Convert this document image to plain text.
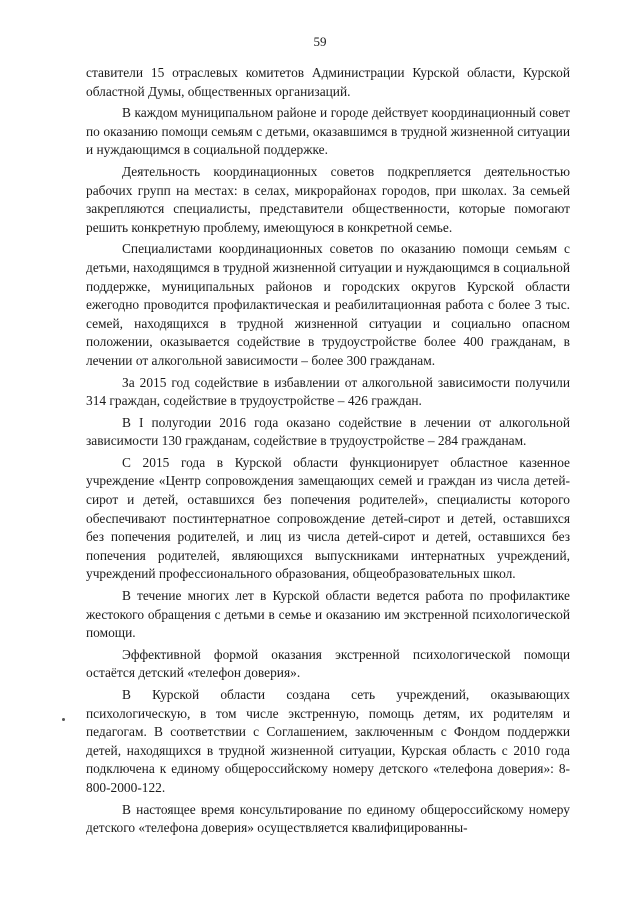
59

ставители 15 отраслевых комитетов Администрации Курской области, Курской областной Думы, общественных организаций.

В каждом муниципальном районе и городе действует координационный совет по оказанию помощи семьям с детьми, оказавшимся в трудной жизненной ситуации и нуждающимся в социальной поддержке.

Деятельность координационных советов подкрепляется деятельностью рабочих групп на местах: в селах, микрорайонах городов, при школах. За семьей закрепляются специалисты, представители общественности, которые помогают решить конкретную проблему, имеющуюся в конкретной семье.

Специалистами координационных советов по оказанию помощи семьям с детьми, находящимся в трудной жизненной ситуации и нуждающимся в социальной поддержке, муниципальных районов и городских округов Курской области ежегодно проводится профилактическая и реабилитационная работа с более 3 тыс. семей, находящихся в трудной жизненной ситуации и социально опасном положении, оказывается содействие в трудоустройстве более 400 гражданам, в лечении от алкогольной зависимости – более 300 гражданам.

За 2015 год содействие в избавлении от алкогольной зависимости получили 314 граждан, содействие в трудоустройстве – 426 граждан.

В I полугодии 2016 года оказано содействие в лечении от алкогольной зависимости 130 гражданам, содействие в трудоустройстве – 284 гражданам.

С 2015 года в Курской области функционирует областное казенное учреждение «Центр сопровождения замещающих семей и граждан из числа детей-сирот и детей, оставшихся без попечения родителей», специалисты которого обеспечивают постинтернатное сопровождение детей-сирот и детей, оставшихся без попечения родителей, и лиц из числа детей-сирот и детей, оставшихся без попечения родителей, являющихся выпускниками интернатных учреждений, учреждений профессионального образования, общеобразовательных школ.

В течение многих лет в Курской области ведется работа по профилактике жестокого обращения с детьми в семье и оказанию им экстренной психологической помощи.

Эффективной формой оказания экстренной психологической помощи остаётся детский «телефон доверия».

В Курской области создана сеть учреждений, оказывающих психологическую, в том числе экстренную, помощь детям, их родителям и педагогам. В соответствии с Соглашением, заключенным с Фондом поддержки детей, находящихся в трудной жизненной ситуации, Курская область с 2010 года подключена к единому общероссийскому номеру детского «телефона доверия»: 8-800-2000-122.

В настоящее время консультирование по единому общероссийскому номеру детского «телефона доверия» осуществляется квалифицированны-
